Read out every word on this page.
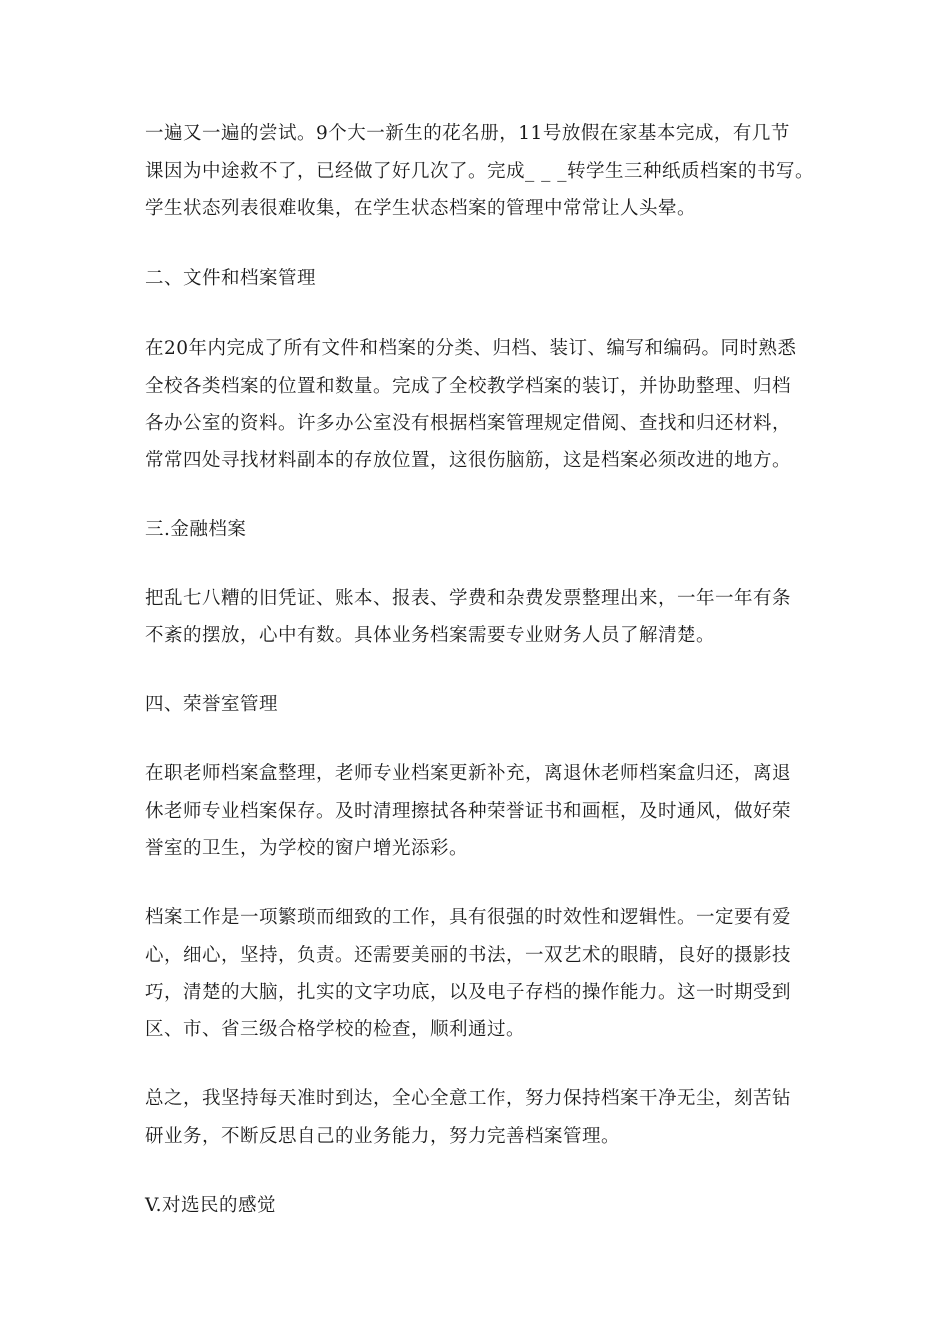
一遍又一遍的尝试。9个大一新生的花名册，11号放假在家基本完成，有几节
课因为中途救不了，已经做了好几次了。完成_ _ _转学生三种纸质档案的书写。
学生状态列表很难收集，在学生状态档案的管理中常常让人头晕。
二、文件和档案管理
在20年内完成了所有文件和档案的分类、归档、装订、编写和编码。同时熟悉
全校各类档案的位置和数量。完成了全校教学档案的装订，并协助整理、归档
各办公室的资料。许多办公室没有根据档案管理规定借阅、查找和归还材料，
常常四处寻找材料副本的存放位置，这很伤脑筋，这是档案必须改进的地方。
三.金融档案
把乱七八糟的旧凭证、账本、报表、学费和杂费发票整理出来，一年一年有条
不紊的摆放，心中有数。具体业务档案需要专业财务人员了解清楚。
四、荣誉室管理
在职老师档案盒整理，老师专业档案更新补充，离退休老师档案盒归还，离退
休老师专业档案保存。及时清理擦拭各种荣誉证书和画框，及时通风，做好荣
誉室的卫生，为学校的窗户增光添彩。
档案工作是一项繁琐而细致的工作，具有很强的时效性和逻辑性。一定要有爱
心，细心，坚持，负责。还需要美丽的书法，一双艺术的眼睛，良好的摄影技
巧，清楚的大脑，扎实的文字功底，以及电子存档的操作能力。这一时期受到
区、市、省三级合格学校的检查，顺利通过。
总之，我坚持每天准时到达，全心全意工作，努力保持档案干净无尘，刻苦钻
研业务，不断反思自己的业务能力，努力完善档案管理。
V.对选民的感觉
